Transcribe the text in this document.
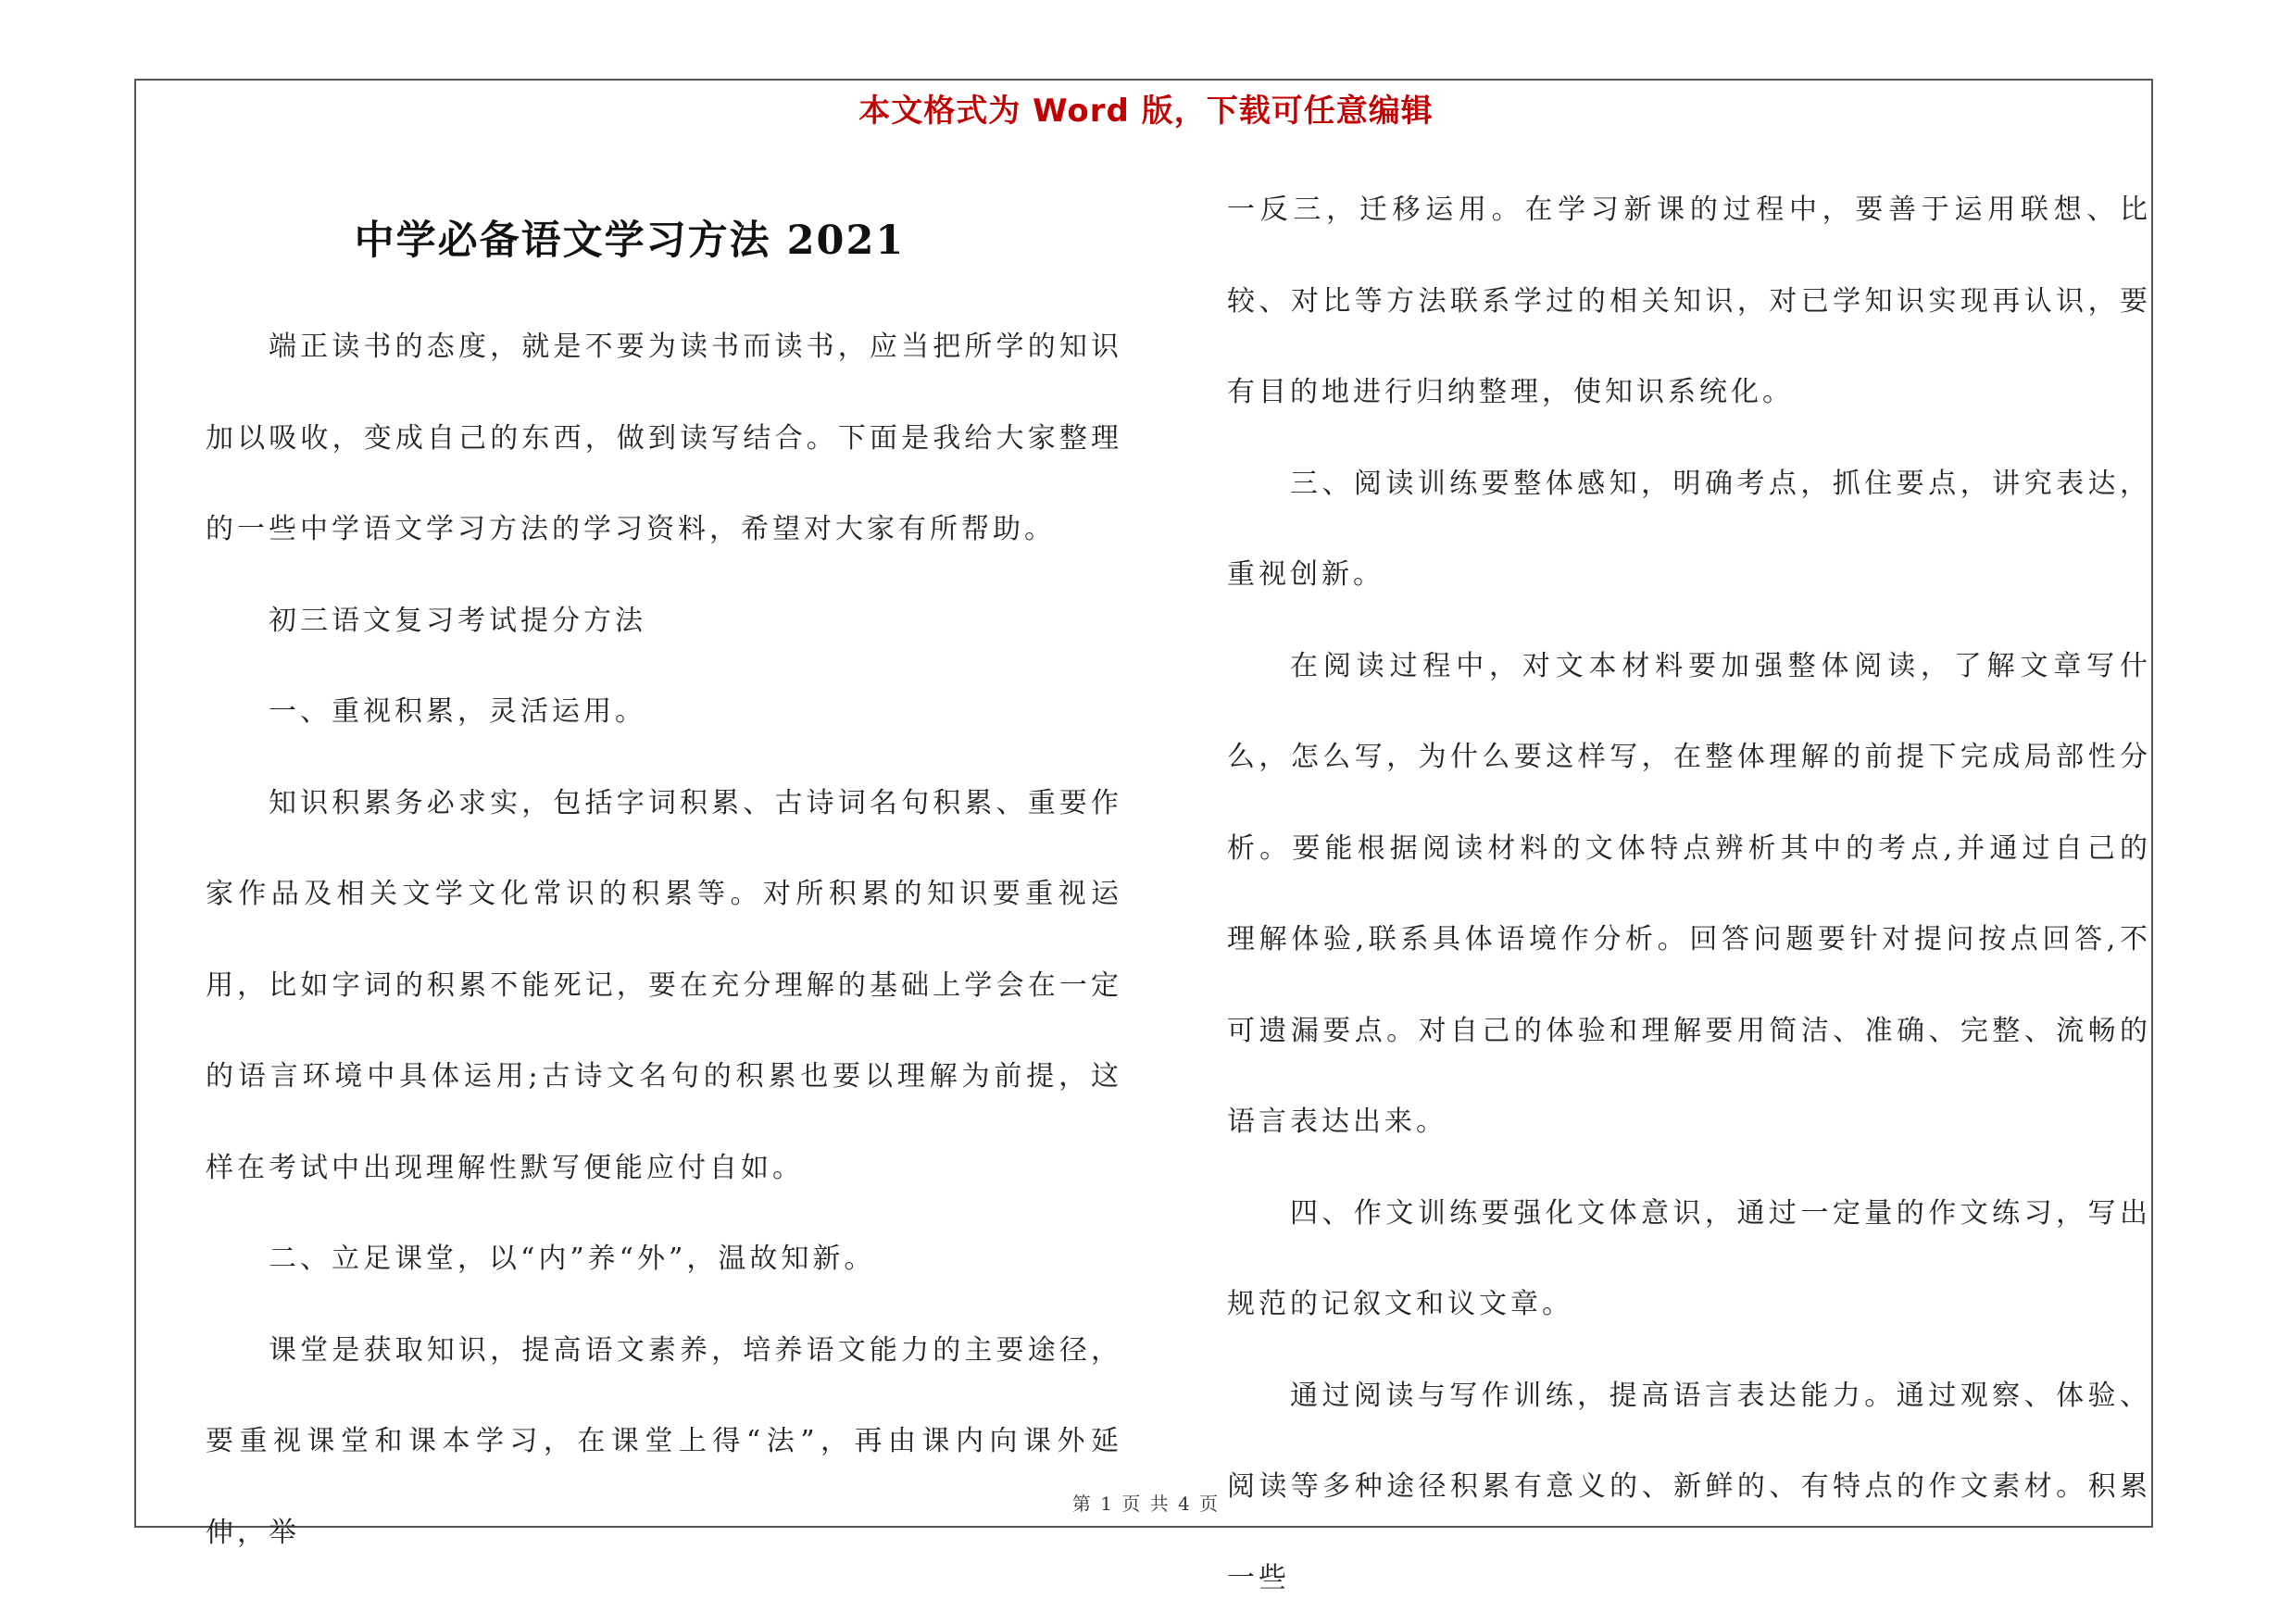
本文格式为 Word 版，下载可任意编辑
中学必备语文学习方法 2021

端正读书的态度，就是不要为读书而读书，应当把所学的知识加以吸收，变成自己的东西，做到读写结合。下面是我给大家整理的一些中学语文学习方法的学习资料，希望对大家有所帮助。

初三语文复习考试提分方法

一、重视积累，灵活运用。

知识积累务必求实，包括字词积累、古诗词名句积累、重要作家作品及相关文学文化常识的积累等。对所积累的知识要重视运用，比如字词的积累不能死记，要在充分理解的基础上学会在一定的语言环境中具体运用;古诗文名句的积累也要以理解为前提，这样在考试中出现理解性默写便能应付自如。

二、立足课堂，以“内”养“外”，温故知新。

课堂是获取知识，提高语文素养，培养语文能力的主要途径，要重视课堂和课本学习，在课堂上得“法”，再由课内向课外延伸，举

一反三，迁移运用。在学习新课的过程中，要善于运用联想、比较、对比等方法联系学过的相关知识，对已学知识实现再认识，要有目的地进行归纳整理，使知识系统化。

三、阅读训练要整体感知，明确考点，抓住要点，讲究表达，重视创新。

在阅读过程中，对文本材料要加强整体阅读，了解文章写什么，怎么写，为什么要这样写，在整体理解的前提下完成局部性分析。要能根据阅读材料的文体特点辨析其中的考点,并通过自己的理解体验,联系具体语境作分析。回答问题要针对提问按点回答,不可遗漏要点。对自己的体验和理解要用简洁、准确、完整、流畅的语言表达出来。

四、作文训练要强化文体意识，通过一定量的作文练习，写出规范的记叙文和议文章。

通过阅读与写作训练，提高语言表达能力。通过观察、体验、阅读等多种途径积累有意义的、新鲜的、有特点的作文素材。积累一些

第 1 页 共 4 页
